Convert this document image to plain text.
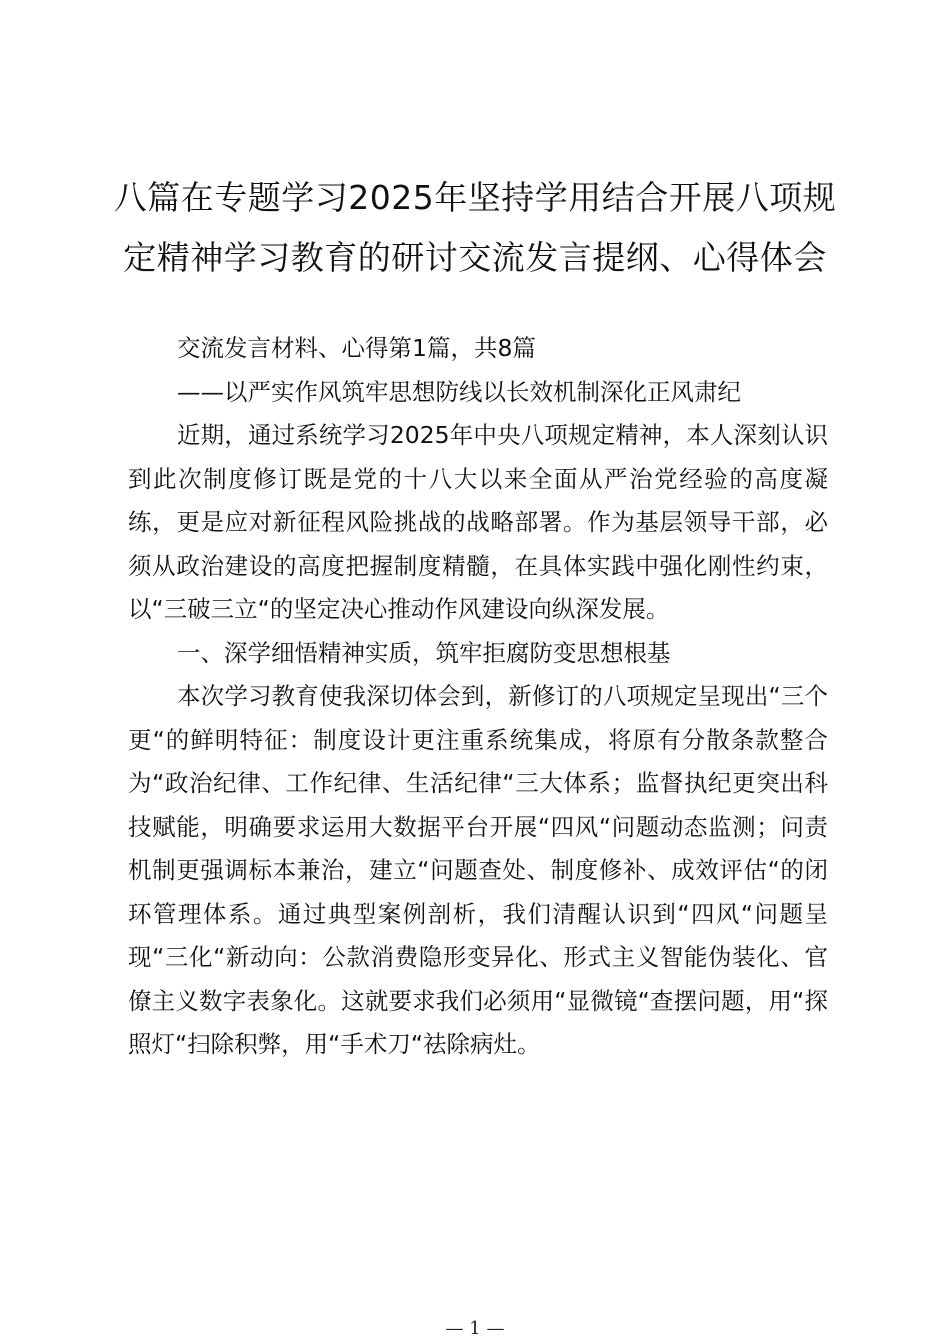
八篇在专题学习2025年坚持学用结合开展八项规定精神学习教育的研讨交流发言提纲、心得体会

交流发言材料、心得第1篇，共8篇

——以严实作风筑牢思想防线以长效机制深化正风肃纪

近期，通过系统学习2025年中央八项规定精神，本人深刻认识到此次制度修订既是党的十八大以来全面从严治党经验的高度凝练，更是应对新征程风险挑战的战略部署。作为基层领导干部，必须从政治建设的高度把握制度精髓，在具体实践中强化刚性约束，以“三破三立“的坚定决心推动作风建设向纵深发展。

一、深学细悟精神实质，筑牢拒腐防变思想根基

本次学习教育使我深切体会到，新修订的八项规定呈现出“三个更“的鲜明特征：制度设计更注重系统集成，将原有分散条款整合为“政治纪律、工作纪律、生活纪律“三大体系；监督执纪更突出科技赋能，明确要求运用大数据平台开展“四风“问题动态监测；问责机制更强调标本兼治，建立“问题查处、制度修补、成效评估“的闭环管理体系。通过典型案例剖析，我们清醒认识到“四风“问题呈现“三化“新动向：公款消费隐形变异化、形式主义智能伪装化、官僚主义数字表象化。这就要求我们必须用“显微镜“查摆问题，用“探照灯“扫除积弊，用“手术刀“祛除病灶。

— 1 —
